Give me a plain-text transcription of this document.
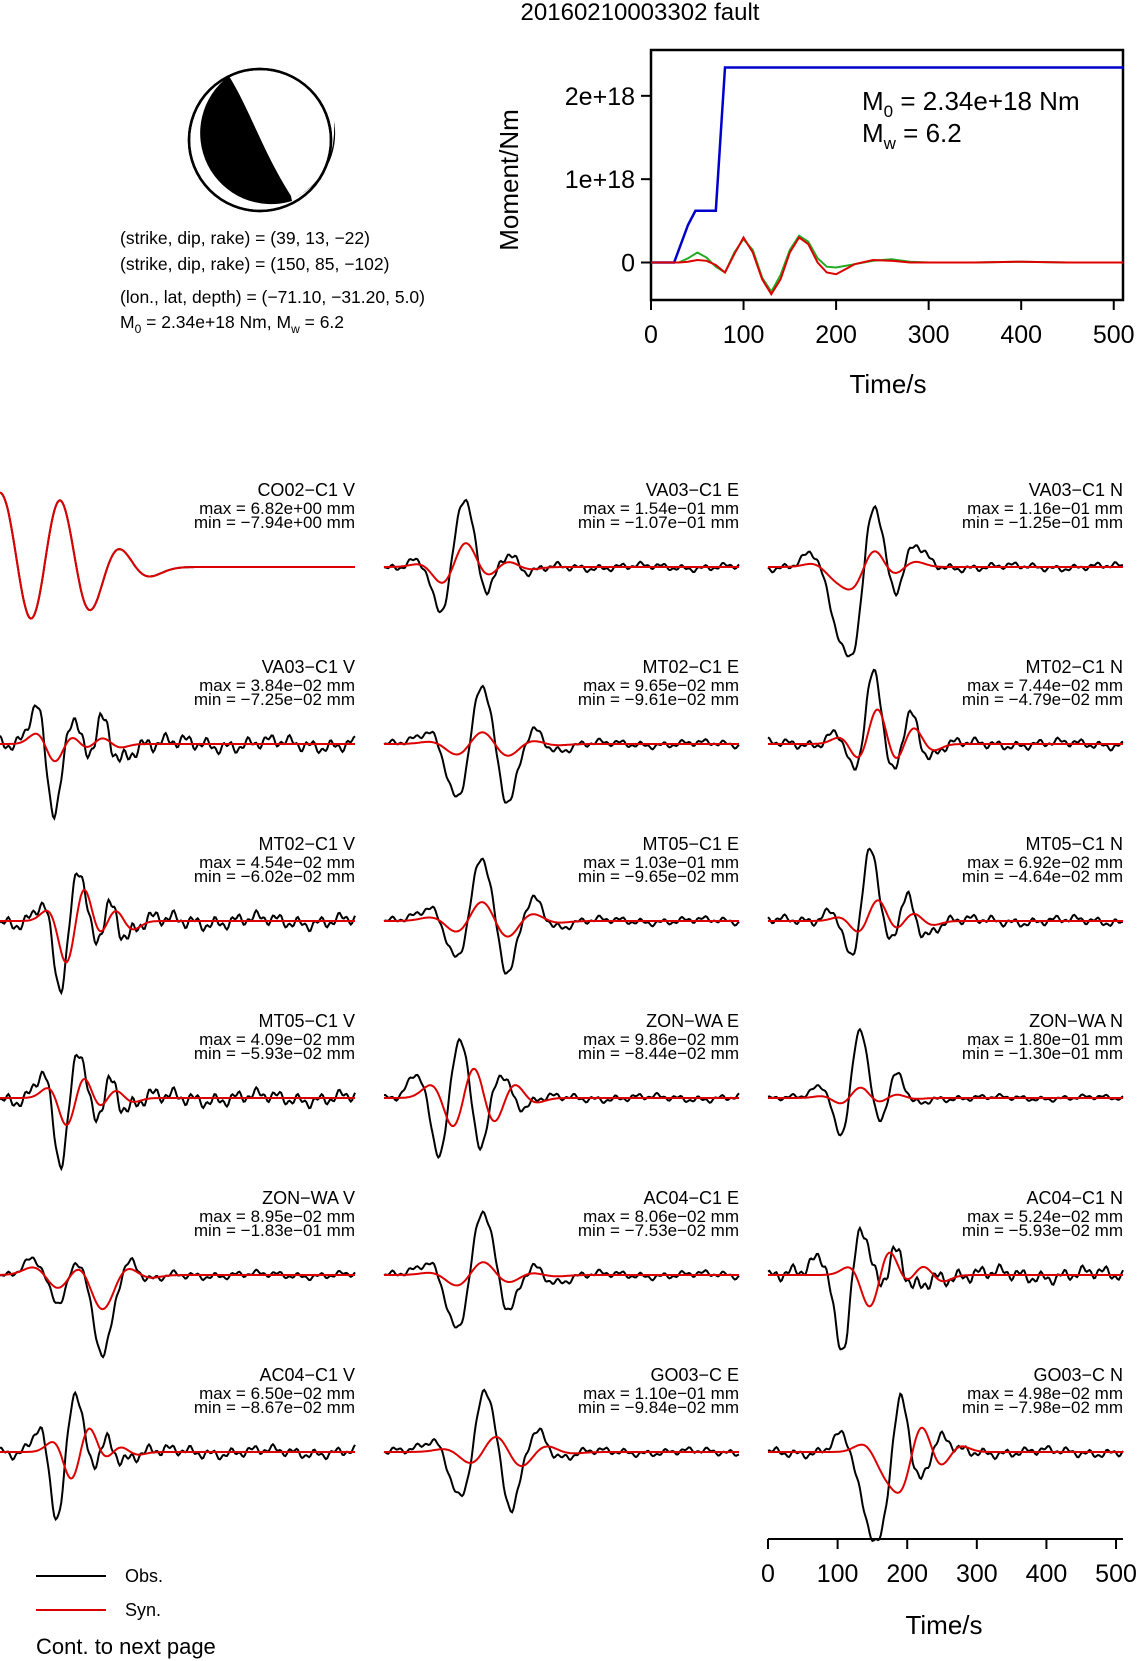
20160210003302 fault
(strike, dip, rake) = (39, 13, −22)
(strike, dip, rake) = (150, 85, −102)
(lon., lat, depth) = (−71.10, −31.20, 5.0)
$M_0 = 2.34e+18$ Nm, $M_w = 6.2$
0
1e+18
2e+18
0	100 200 300 400 500
Time/s
Moment/Nm
$M_0 = 2.34e+18$ Nm
$M_w = 6.2$
CO02−C1 V
max = 6.82e+00 mm
min = −7.94e+00 mm
VA03−C1 E
max = 1.54e−01 mm
min = −1.07e−01 mm
VA03−C1 N
max = 1.16e−01 mm
min = −1.25e−01 mm
VA03−C1 V
max = 3.84e−02 mm
min = −7.25e−02 mm
MT02−C1 E
max = 9.65e−02 mm
min = −9.61e−02 mm
MT02−C1 N
max = 7.44e−02 mm
min = −4.79e−02 mm
MT02−C1 V
max = 4.54e−02 mm
min = −6.02e−02 mm
MT05−C1 E
max = 1.03e−01 mm
min = −9.65e−02 mm
MT05−C1 N
max = 6.92e−02 mm
min = −4.64e−02 mm
MT05−C1 V
max = 4.09e−02 mm
min = −5.93e−02 mm
ZON−WA E
max = 9.86e−02 mm
min = −8.44e−02 mm
ZON−WA N
max = 1.80e−01 mm
min = −1.30e−01 mm
ZON−WA V
max = 8.95e−02 mm
min = −1.83e−01 mm
AC04−C1 E
max = 8.06e−02 mm
min = −7.53e−02 mm
AC04−C1 N
max = 5.24e−02 mm
min = −5.93e−02 mm
AC04−C1 V
max = 6.50e−02 mm
min = −8.67e−02 mm
GO03−C E
max = 1.10e−01 mm
min = −9.84e−02 mm
GO03−C N
max = 4.98e−02 mm
min = −7.98e−02 mm
Time/s
0 100 200 300 400 500
Obs.
Syn.
Cont. to next page
